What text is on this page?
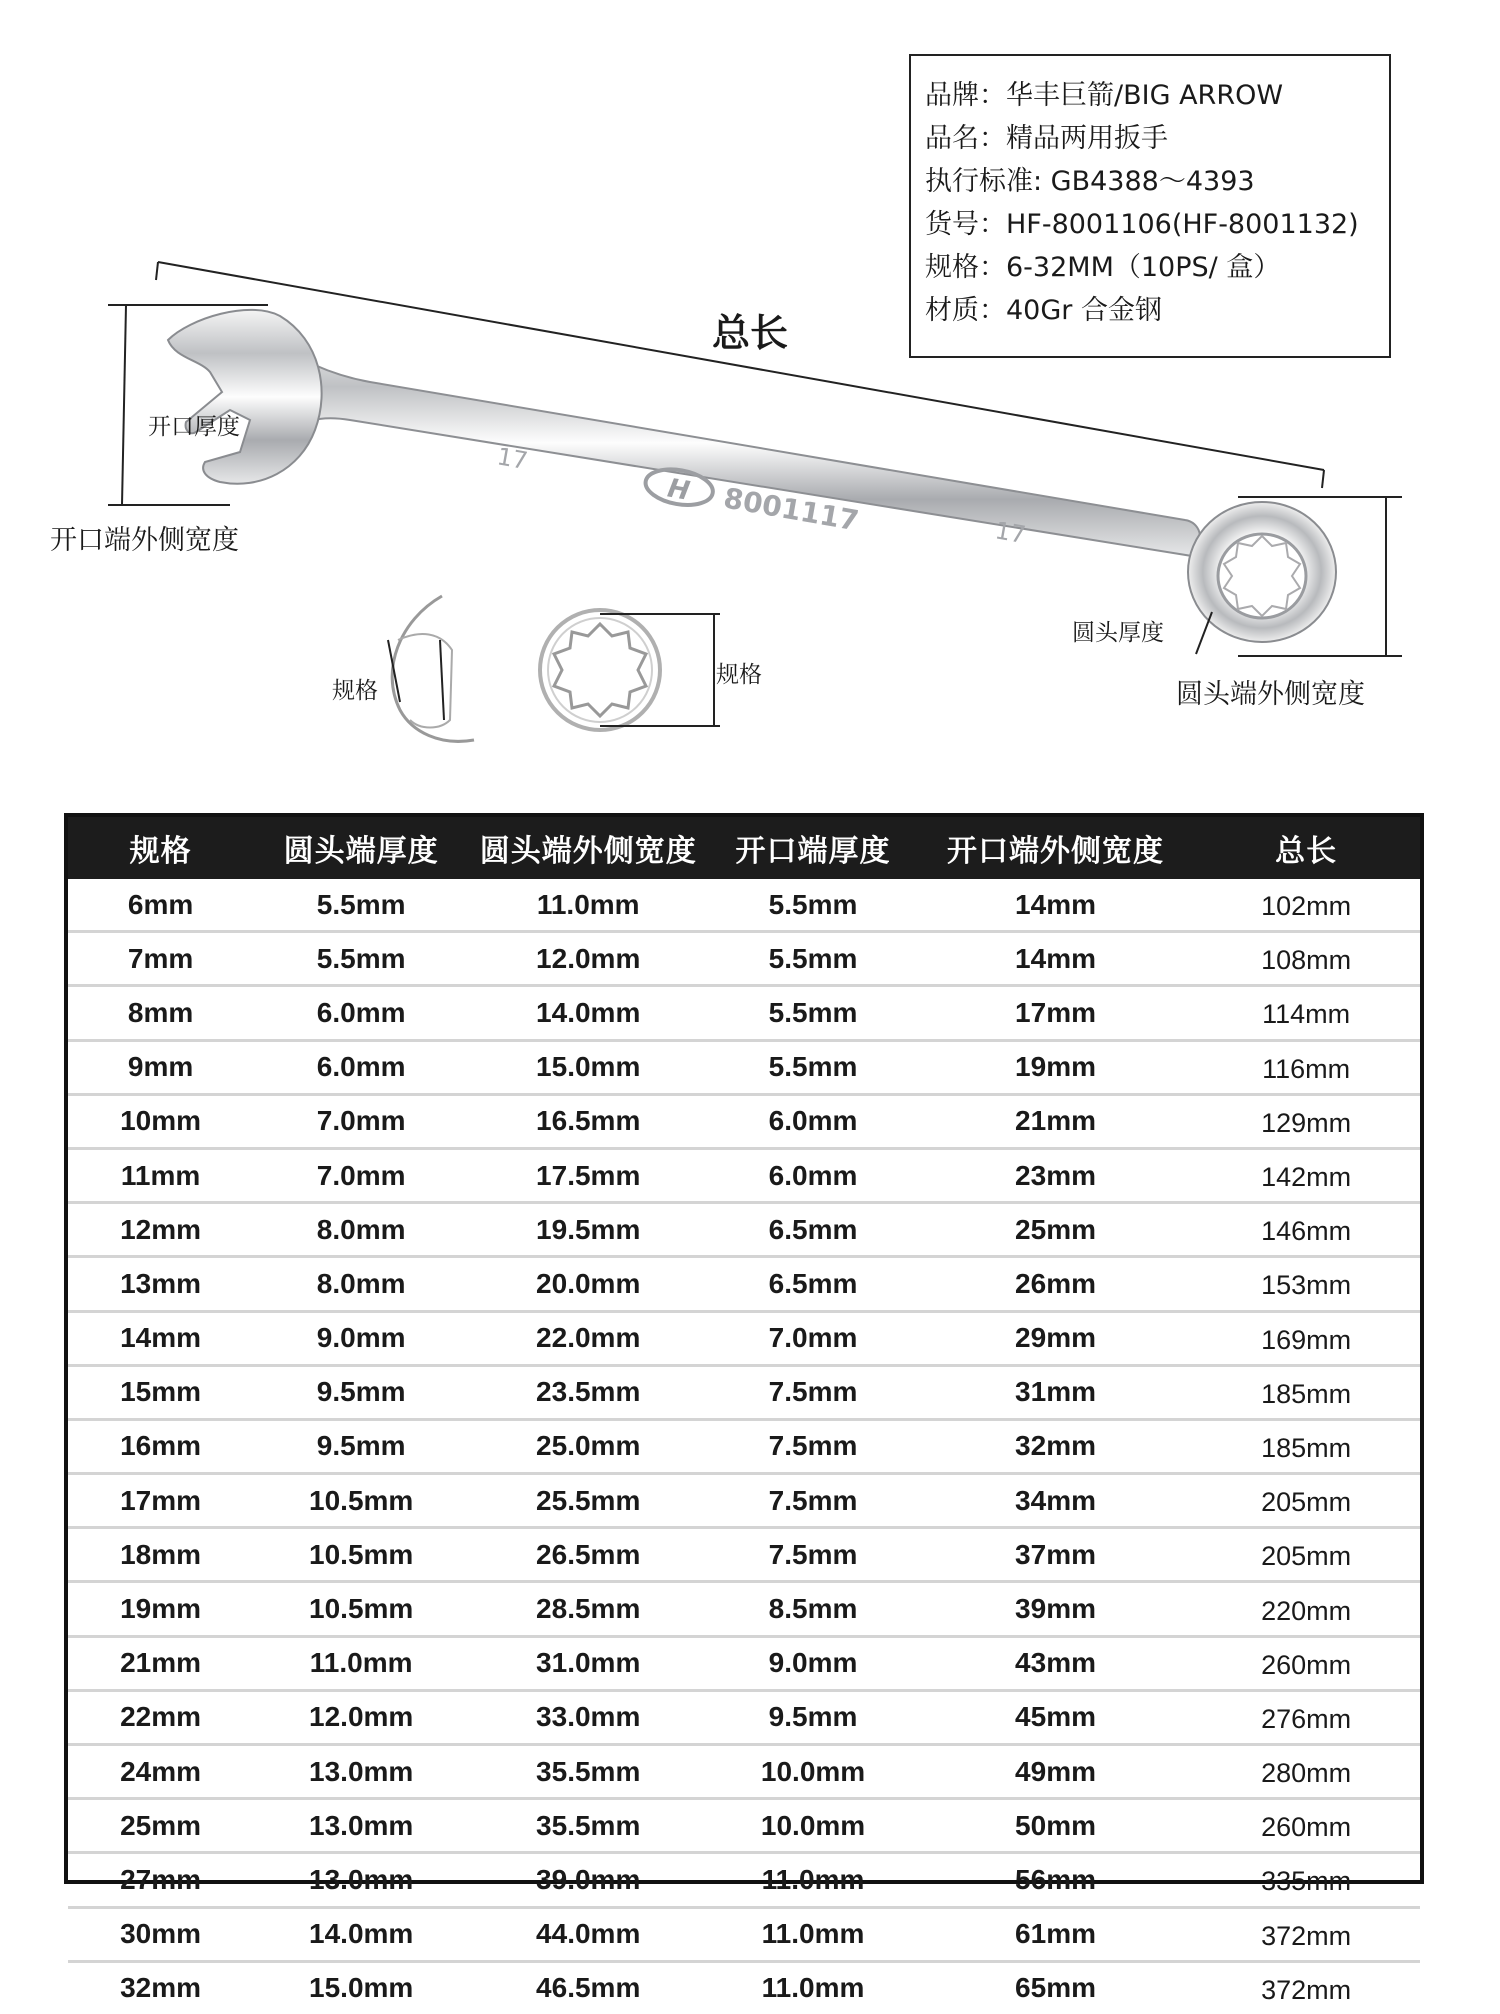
17
H 8001117	17
总长
开口厚度
开口端外侧宽度
圆头厚度
圆头端外侧宽度
规格
规格
品牌：华丰巨箭/BIG ARROW
品名：精品两用扳手
执行标准: GB4388～4393
货号：HF-8001106(HF-8001132)
规格：6-32MM（10PS/ 盒）
材质：40Gr 合金钢
规格	圆头端厚度	圆头端外侧宽度	开口端厚度	开口端外侧宽度	总长
6mm	5.5mm	11.0mm	5.5mm	14mm	102mm
7mm	5.5mm	12.0mm	5.5mm	14mm	108mm
8mm	6.0mm	14.0mm	5.5mm	17mm	114mm
9mm	6.0mm	15.0mm	5.5mm	19mm	116mm
10mm	7.0mm	16.5mm	6.0mm	21mm	129mm
11mm	7.0mm	17.5mm	6.0mm	23mm	142mm
12mm	8.0mm	19.5mm	6.5mm	25mm	146mm
13mm	8.0mm	20.0mm	6.5mm	26mm	153mm
14mm	9.0mm	22.0mm	7.0mm	29mm	169mm
15mm	9.5mm	23.5mm	7.5mm	31mm	185mm
16mm	9.5mm	25.0mm	7.5mm	32mm	185mm
17mm	10.5mm	25.5mm	7.5mm	34mm	205mm
18mm	10.5mm	26.5mm	7.5mm	37mm	205mm
19mm	10.5mm	28.5mm	8.5mm	39mm	220mm
21mm	11.0mm	31.0mm	9.0mm	43mm	260mm
22mm	12.0mm	33.0mm	9.5mm	45mm	276mm
24mm	13.0mm	35.5mm	10.0mm	49mm	280mm
25mm	13.0mm	35.5mm	10.0mm	50mm	260mm
27mm	13.0mm	39.0mm	11.0mm	56mm	335mm
30mm	14.0mm	44.0mm	11.0mm	61mm	372mm
32mm	15.0mm	46.5mm	11.0mm	65mm	372mm
